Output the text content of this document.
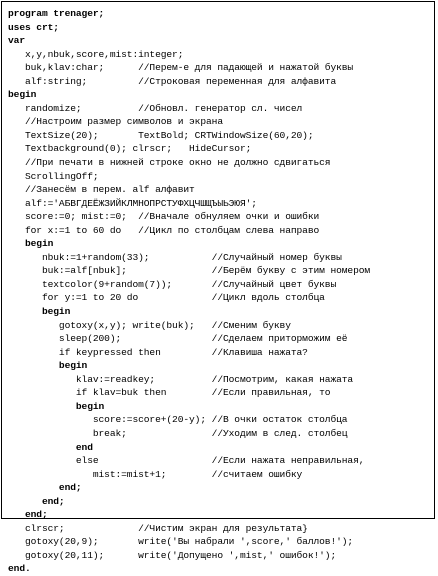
program trenager;
uses crt;
var
x,y,nbuk,score,mist:integer;
buk,klav:char;      //Перем-е для падающей и нажатой буквы
alf:string;         //Строковая переменная для алфавита
begin
randomize;          //Обновл. генератор сл. чисел
//Настроим размер символов и экрана
TextSize(20);       TextBold; CRTWindowSize(60,20);
Textbackground(0); clrscr;   HideCursor;
//При печати в нижней строке окно не должно сдвигаться
ScrollingOff;
//Занесём в перем. alf алфавит
alf:='АБВГДЕЁЖЗИЙКЛМНОПРСТУФХЦЧШЩЪЫЬЭЮЯ';
score:=0; mist:=0;  //Вначале обнуляем очки и ошибки
for x:=1 to 60 do   //Цикл по столбцам слева направо
begin
nbuk:=1+random(33);           //Случайный номер буквы
buk:=alf[nbuk];               //Берём букву с этим номером
textcolor(9+random(7));       //Случайный цвет буквы
for y:=1 to 20 do             //Цикл вдоль столбца
begin
gotoxy(x,y); write(buk);   //Сменим букву
sleep(200);                //Сделаем приторможим её
if keypressed then         //Клавиша нажата?
begin
klav:=readkey;          //Посмотрим, какая нажата
if klav=buk then        //Если правильная, то
begin
score:=score+(20-y); //В очки остаток столбца
break;               //Уходим в след. столбец
end
else                    //Если нажата неправильная,
mist:=mist+1;        //считаем ошибку
end;
end;
end;
clrscr;             //Чистим экран для результата}
gotoxy(20,9);       write('Вы набрали ',score,' баллов!');
gotoxy(20,11);      write('Допущено ',mist,' ошибок!');
end.
